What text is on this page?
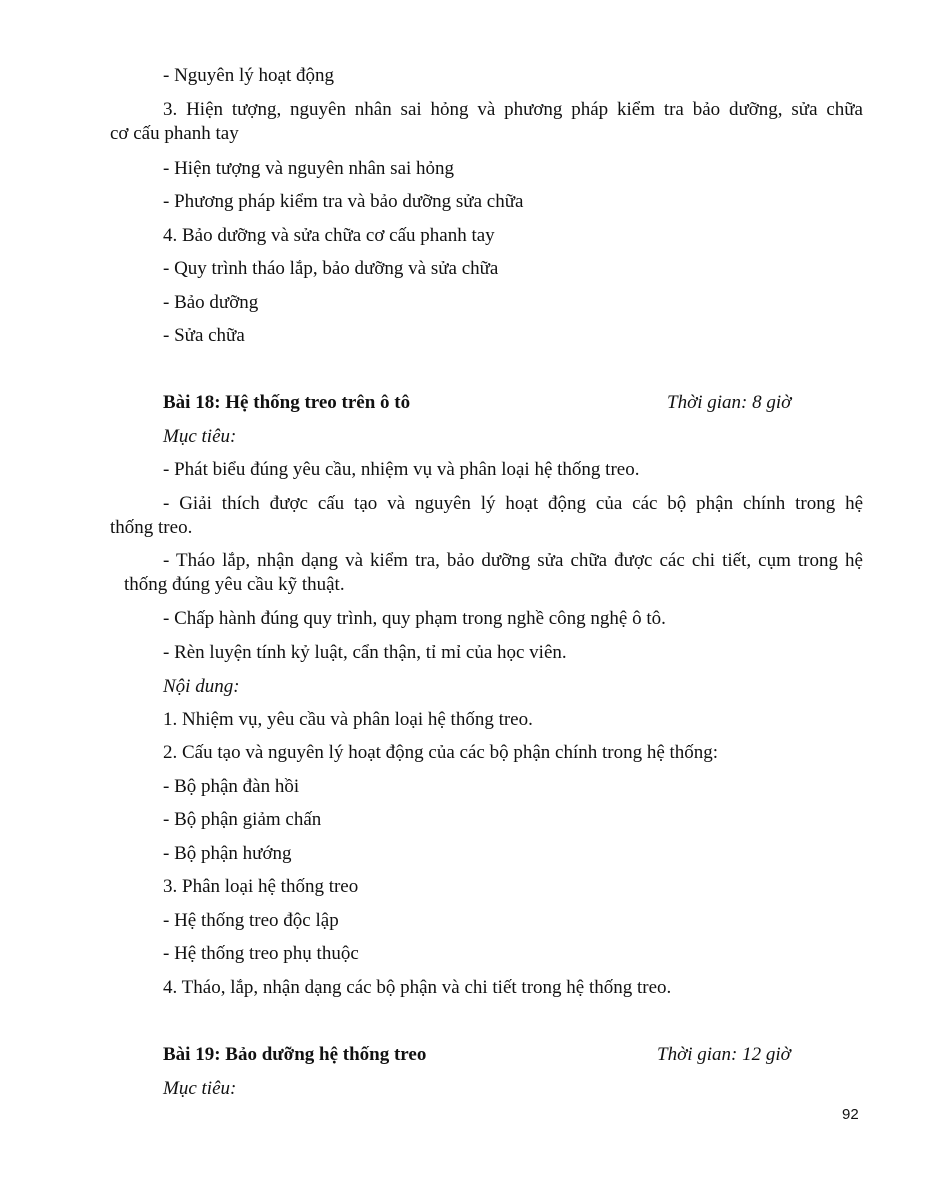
- Nguyên lý hoạt động
3. Hiện tượng, nguyên nhân sai hỏng và phương pháp kiểm tra bảo dưỡng, sửa chữa
cơ cấu phanh tay
- Hiện tượng và nguyên nhân sai hỏng
- Phương pháp kiểm tra và bảo dưỡng sửa chữa
4. Bảo dưỡng và sửa chữa cơ cấu phanh tay
- Quy trình tháo lắp, bảo dưỡng và sửa chữa
- Bảo dưỡng
- Sửa chữa
Bài 18: Hệ thống treo trên ô tô	Thời gian: 8 giờ
Mục tiêu:
- Phát biểu đúng yêu cầu, nhiệm vụ và phân loại hệ thống treo.
- Giải thích được cấu tạo và nguyên lý hoạt động của các bộ phận chính trong hệ
thống treo.
- Tháo lắp, nhận dạng và kiểm tra, bảo dưỡng sửa chữa được các chi tiết, cụm trong hệ
thống đúng yêu cầu kỹ thuật.
- Chấp hành đúng quy trình, quy phạm trong nghề công nghệ ô tô.
- Rèn luyện tính kỷ luật, cẩn thận, tỉ mỉ của học viên.
Nội dung:
1. Nhiệm vụ, yêu cầu và phân loại hệ thống treo.
2. Cấu tạo và nguyên lý hoạt động của các bộ phận chính trong hệ thống:
- Bộ phận đàn hồi
- Bộ phận giảm chấn
- Bộ phận hướng
3. Phân loại hệ thống treo
- Hệ thống treo độc lập
- Hệ thống treo phụ thuộc
4. Tháo, lắp, nhận dạng các bộ phận và chi tiết trong hệ thống treo.
Bài 19: Bảo dưỡng hệ thống treo	Thời gian: 12 giờ
Mục tiêu:
92
